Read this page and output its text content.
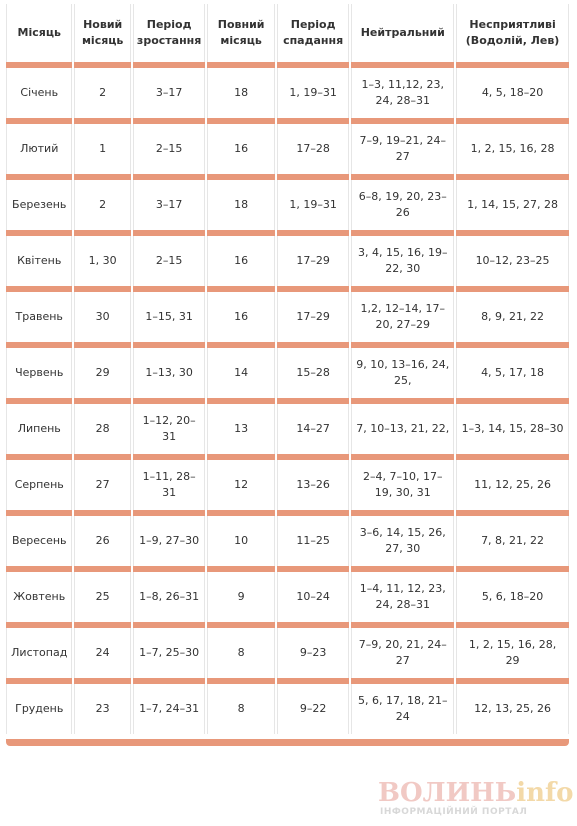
Місяць	Новий місяць	Період зростання	Повний місяць	Період спадання	Нейтральний	Несприятливі (Водолій, Лев)

Січень	2	3–17	18	1, 19–31	1–3, 11,12, 23, 24, 28–31	4, 5, 18–20

Лютий	1	2–15	16	17–28	7–9, 19–21, 24–27	1, 2, 15, 16, 28

Березень	2	3–17	18	1, 19–31	6–8, 19, 20, 23–26	1, 14, 15, 27, 28

Квітень	1, 30	2–15	16	17–29	3, 4, 15, 16, 19–22, 30	10–12, 23–25

Травень	30	1–15, 31	16	17–29	1,2, 12–14, 17–20, 27–29	8, 9, 21, 22

Червень	29	1–13, 30	14	15–28	9, 10, 13–16, 24, 25,	4, 5, 17, 18

Липень	28	1–12, 20–31	13	14–27	7, 10–13, 21, 22,	1–3, 14, 15, 28–30

Серпень	27	1–11, 28–31	12	13–26	2–4, 7–10, 17–19, 30, 31	11, 12, 25, 26

Вересень	26	1–9, 27–30	10	11–25	3–6, 14, 15, 26, 27, 30	7, 8, 21, 22

Жовтень	25	1–8, 26–31	9	10–24	1–4, 11, 12, 23, 24, 28–31	5, 6, 18–20

Листопад	24	1–7, 25–30	8	9–23	7–9, 20, 21, 24–27	1, 2, 15, 16, 28, 29

Грудень	23	1–7, 24–31	8	9–22	5, 6, 17, 18, 21–24	12, 13, 25, 26
ВОЛИНЬinfo
ІНФОРМАЦІЙНИЙ ПОРТАЛ
